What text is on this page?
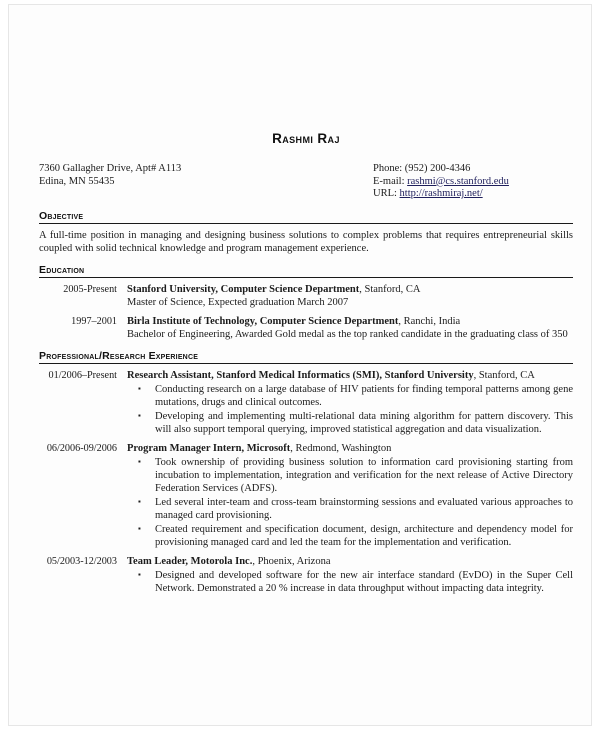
Rashmi Raj
7360 Gallagher Drive, Apt# A113
Edina, MN 55435
Phone: (952) 200-4346
E-mail: rashmi@cs.stanford.edu
URL: http://rashmiraj.net/
Objective
A full-time position in managing and designing business solutions to complex problems that requires entrepreneurial skills coupled with solid technical knowledge and program management experience.
Education
2005-Present Stanford University, Computer Science Department, Stanford, CA
Master of Science, Expected graduation March 2007
1997–2001 Birla Institute of Technology, Computer Science Department, Ranchi, India
Bachelor of Engineering, Awarded Gold medal as the top ranked candidate in the graduating class of 350
Professional/Research Experience
01/2006–Present Research Assistant, Stanford Medical Informatics (SMI), Stanford University, Stanford, CA
▪ Conducting research on a large database of HIV patients for finding temporal patterns among gene mutations, drugs and clinical outcomes.
▪ Developing and implementing multi-relational data mining algorithm for pattern discovery. This will also support temporal querying, improved statistical aggregation and data visualization.
06/2006-09/2006 Program Manager Intern, Microsoft, Redmond, Washington
▪ Took ownership of providing business solution to information card provisioning starting from incubation to implementation, integration and verification for the next release of Active Directory Federation Services (ADFS).
▪ Led several inter-team and cross-team brainstorming sessions and evaluated various approaches to managed card provisioning.
▪ Created requirement and specification document, design, architecture and dependency model for provisioning managed card and led the team for the implementation and verification.
05/2003-12/2003 Team Leader, Motorola Inc., Phoenix, Arizona
▪ Designed and developed software for the new air interface standard (EvDO) in the Super Cell Network. Demonstrated a 20 % increase in data throughput without impacting data integrity.
